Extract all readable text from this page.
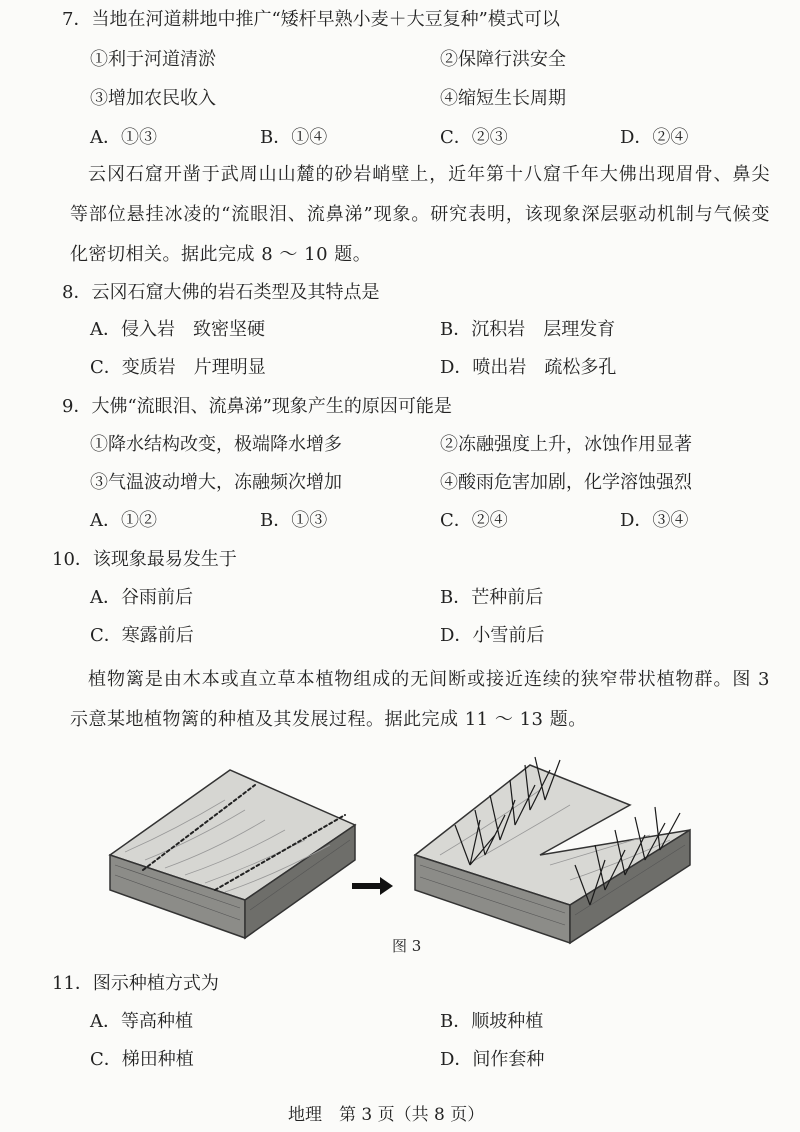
7．当地在河道耕地中推广“矮杆早熟小麦＋大豆复种”模式可以
①利于河道清淤	②保障行洪安全
③增加农民收入	④缩短生长周期
A．①③	B．①④	C．②③	D．②④
云冈石窟开凿于武周山山麓的砂岩峭壁上，近年第十八窟千年大佛出现眉骨、鼻尖等部位悬挂冰凌的“流眼泪、流鼻涕”现象。研究表明，该现象深层驱动机制与气候变化密切相关。据此完成 8 ～ 10 题。
8．云冈石窟大佛的岩石类型及其特点是
A．侵入岩　致密坚硬	B．沉积岩　层理发育
C．变质岩　片理明显	D．喷出岩　疏松多孔
9．大佛“流眼泪、流鼻涕”现象产生的原因可能是
①降水结构改变，极端降水增多	②冻融强度上升，冰蚀作用显著
③气温波动增大，冻融频次增加	④酸雨危害加剧，化学溶蚀强烈
A．①②	B．①③	C．②④	D．③④
10．该现象最易发生于
A．谷雨前后	B．芒种前后
C．寒露前后	D．小雪前后
植物篱是由木本或直立草本植物组成的无间断或接近连续的狭窄带状植物群。图 3 示意某地植物篱的种植及其发展过程。据此完成 11 ～ 13 题。
图 3
11．图示种植方式为
A．等高种植	B．顺坡种植
C．梯田种植	D．间作套种
地理　第 3 页（共 8 页）
